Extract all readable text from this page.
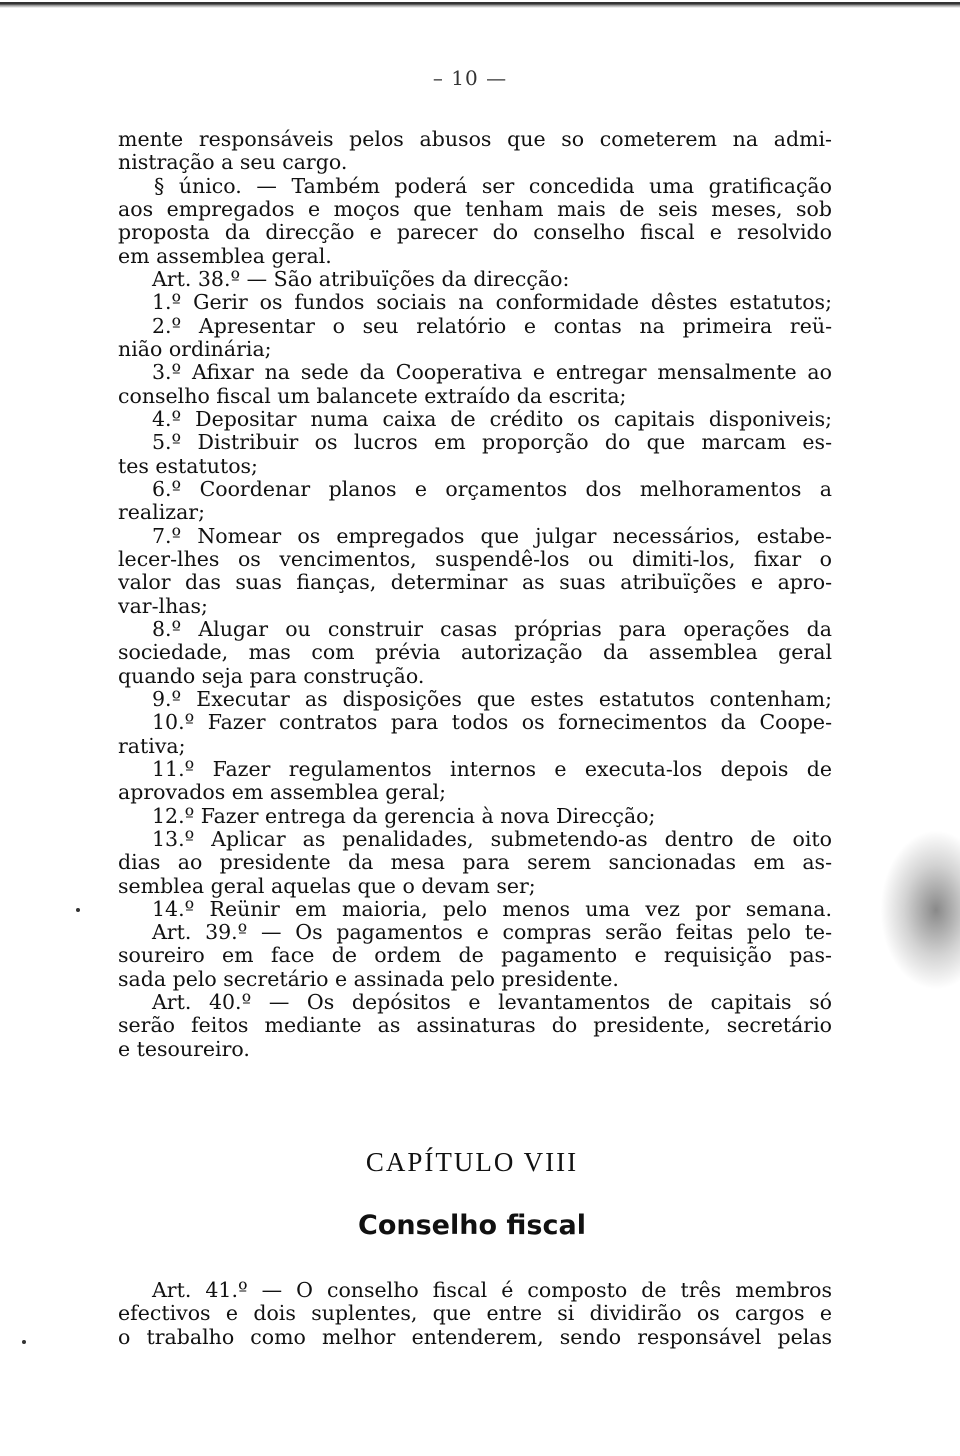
– 10 —
mente responsáveis pelos abusos que so cometerem na admi-
nistração a seu cargo.
§ único. — Também poderá ser concedida uma gratificação
aos empregados e moços que tenham mais de seis meses, sob
proposta da direcção e parecer do conselho fiscal e resolvido
em assemblea geral.
Art. 38.º — São atribuïções da direcção:
1.º Gerir os fundos sociais na conformidade dêstes estatutos;
2.º Apresentar o seu relatório e contas na primeira reü-
nião ordinária;
3.º Afixar na sede da Cooperativa e entregar mensalmente ao
conselho fiscal um balancete extraído da escrita;
4.º Depositar numa caixa de crédito os capitais disponiveis;
5.º Distribuir os lucros em proporção do que marcam es-
tes estatutos;
6.º Coordenar planos e orçamentos dos melhoramentos a
realizar;
7.º Nomear os empregados que julgar necessários, estabe-
lecer-lhes os vencimentos, suspendê-los ou dimiti-los, fixar o
valor das suas fianças, determinar as suas atribuïções e apro-
var-lhas;
8.º Alugar ou construir casas próprias para operações da
sociedade, mas com prévia autorização da assemblea geral
quando seja para construção.
9.º Executar as disposições que estes estatutos contenham;
10.º Fazer contratos para todos os fornecimentos da Coope-
rativa;
11.º Fazer regulamentos internos e executa-los depois de
aprovados em assemblea geral;
12.º Fazer entrega da gerencia à nova Direcção;
13.º Aplicar as penalidades, submetendo-as dentro de oito
dias ao presidente da mesa para serem sancionadas em as-
semblea geral aquelas que o devam ser;
14.º Reünir em maioria, pelo menos uma vez por semana.
Art. 39.º — Os pagamentos e compras serão feitas pelo te-
soureiro em face de ordem de pagamento e requisição pas-
sada pelo secretário e assinada pelo presidente.
Art. 40.º — Os depósitos e levantamentos de capitais só
serão feitos mediante as assinaturas do presidente, secretário
e tesoureiro.
CAPÍTULO VIII
Conselho fiscal
Art. 41.º — O conselho fiscal é composto de três membros
efectivos e dois suplentes, que entre si dividirão os cargos e
o trabalho como melhor entenderem, sendo responsável pelas
